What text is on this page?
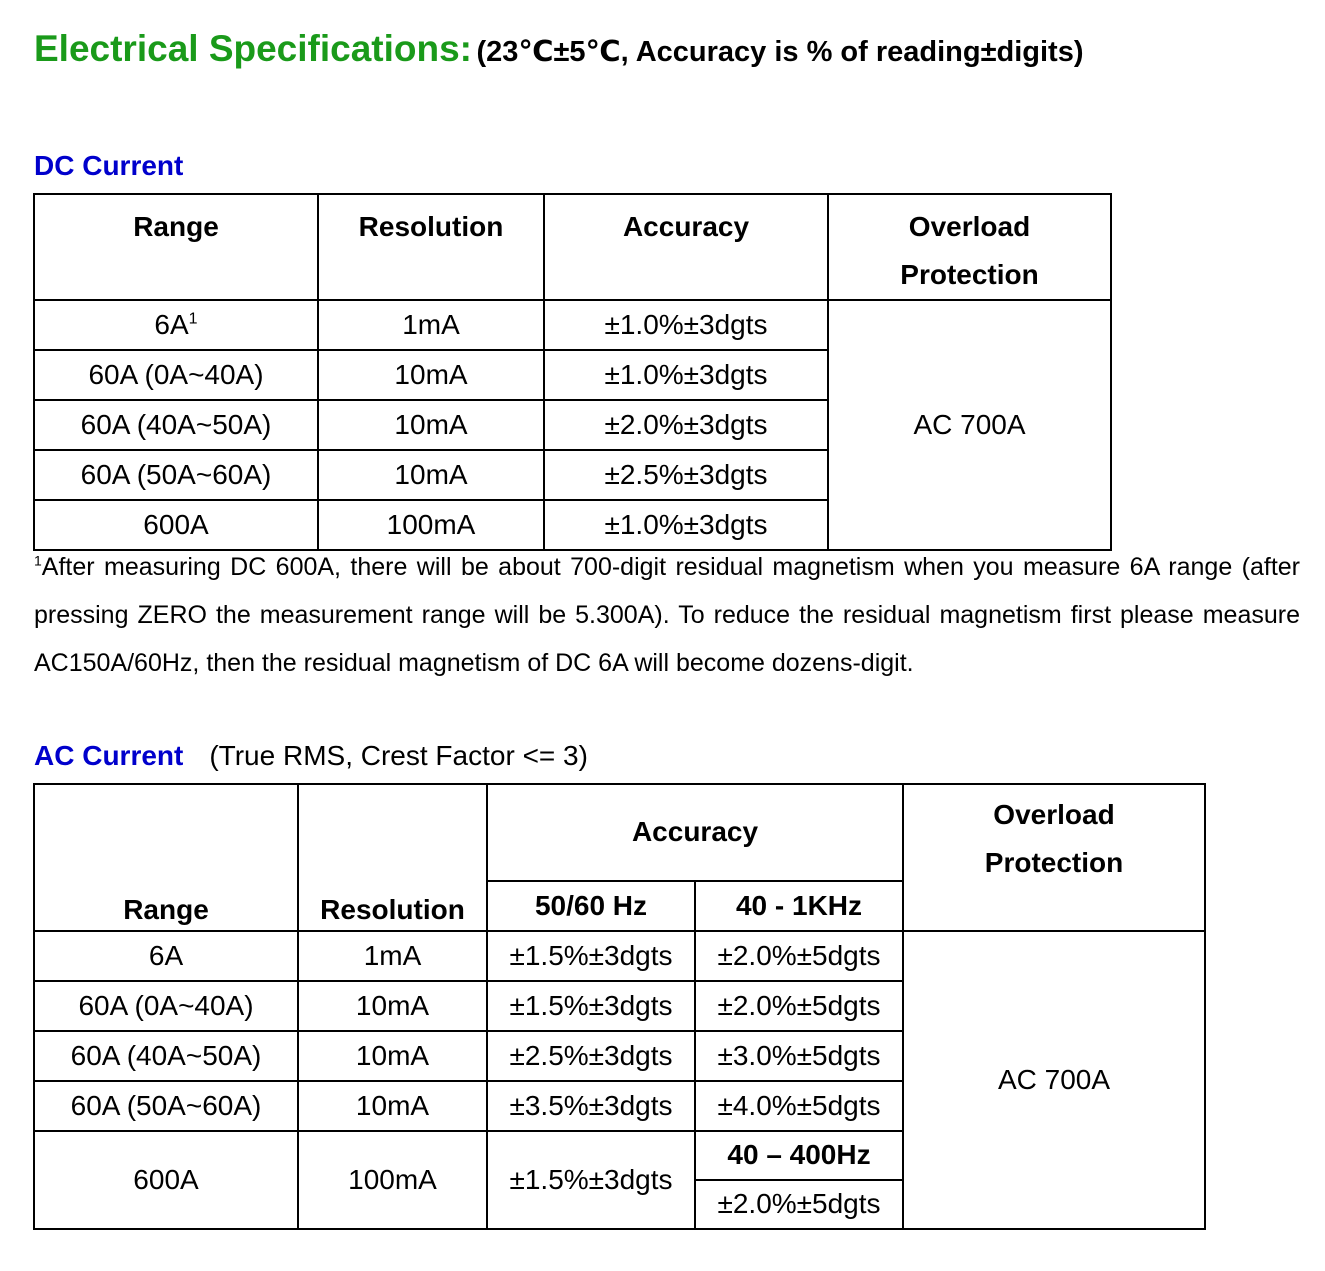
Electrical Specifications: (23℃±5℃, Accuracy is % of reading±digits)
DC Current
Range	Resolution	Accuracy	Overload
Protection
$6A^1$	1mA	±1.0%±3dgts	AC 700A
60A (0A~40A)	10mA	±1.0%±3dgts	
60A (40A~50A)	10mA	±2.0%±3dgts	
60A (50A~60A)	10mA	±2.5%±3dgts	
600A	100mA	±1.0%±3dgts	
$^1$After measuring DC 600A, there will be about 700-digit residual magnetism when you measure 6A range (after pressing ZERO the measurement range will be 5.300A). To reduce the residual magnetism first please measure AC150A/60Hz, then the residual magnetism of DC 6A will become dozens-digit.
AC Current (True RMS, Crest Factor <= 3)
Range	Resolution	Accuracy		Overload
Protection
		50/60 Hz	40 - 1KHz	
6A	1mA	±1.5%±3dgts	±2.0%±5dgts	AC 700A
60A (0A~40A)	10mA	±1.5%±3dgts	±2.0%±5dgts	
60A (40A~50A)	10mA	±2.5%±3dgts	±3.0%±5dgts	
60A (50A~60A)	10mA	±3.5%±3dgts	±4.0%±5dgts	
600A	100mA	±1.5%±3dgts	40 – 400Hz	
			±2.0%±5dgts	
